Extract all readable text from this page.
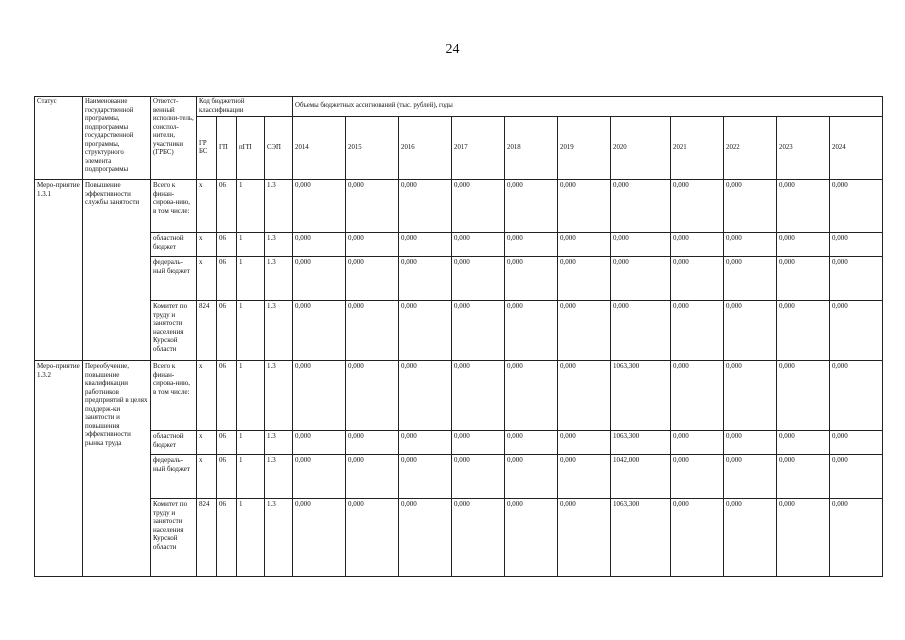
24
Статус	Наименование государственной программы, подпрограммы государственной программы, структурного элемента подпрограммы	Ответст-венный исполни-тель, соиспол-нители, участники (ГРБС)	Код бюджетной классификации				Объемы бюджетных ассигнований (тыс. рублей), годы										
			ГР БС	ГП	пГП	СЭП	2014	2015	2016	2017	2018	2019	2020	2021	2022	2023	2024
Меро-приятие 1.3.1	Повышение эффективности службы занятости	Всего к финан-сирова-нию, в том числе:	х	06	1	1.3	0,000	0,000	0,000	0,000	0,000	0,000	0,000	0,000	0,000	0,000	0,000
		областной бюджет	х	06	1	1.3	0,000	0,000	0,000	0,000	0,000	0,000	0,000	0,000	0,000	0,000	0,000
		федераль-ный бюджет	х	06	1	1.3	0,000	0,000	0,000	0,000	0,000	0,000	0,000	0,000	0,000	0,000	0,000
		Комитет по труду и занятости населения Курской области	824	06	1	1.3	0,000	0,000	0,000	0,000	0,000	0,000	0,000	0,000	0,000	0,000	0,000
Меро-приятие 1.3.2	Переобучение, повышение квалификации работников предприятий в целях поддерж-ки занятости и повышения эффективности рынка труда	Всего к финан-сирова-нию, в том числе:	х	06	1	1.3	0,000	0,000	0,000	0,000	0,000	0,000	1063,300	0,000	0,000	0,000	0,000
		областной бюджет	х	06	1	1.3	0,000	0,000	0,000	0,000	0,000	0,000	1063,300	0,000	0,000	0,000	0,000
		федераль-ный бюджет	х	06	1	1.3	0,000	0,000	0,000	0,000	0,000	0,000	1042,000	0,000	0,000	0,000	0,000
		Комитет по труду и занятости населения Курской области	824	06	1	1.3	0,000	0,000	0,000	0,000	0,000	0,000	1063,300	0,000	0,000	0,000	0,000
